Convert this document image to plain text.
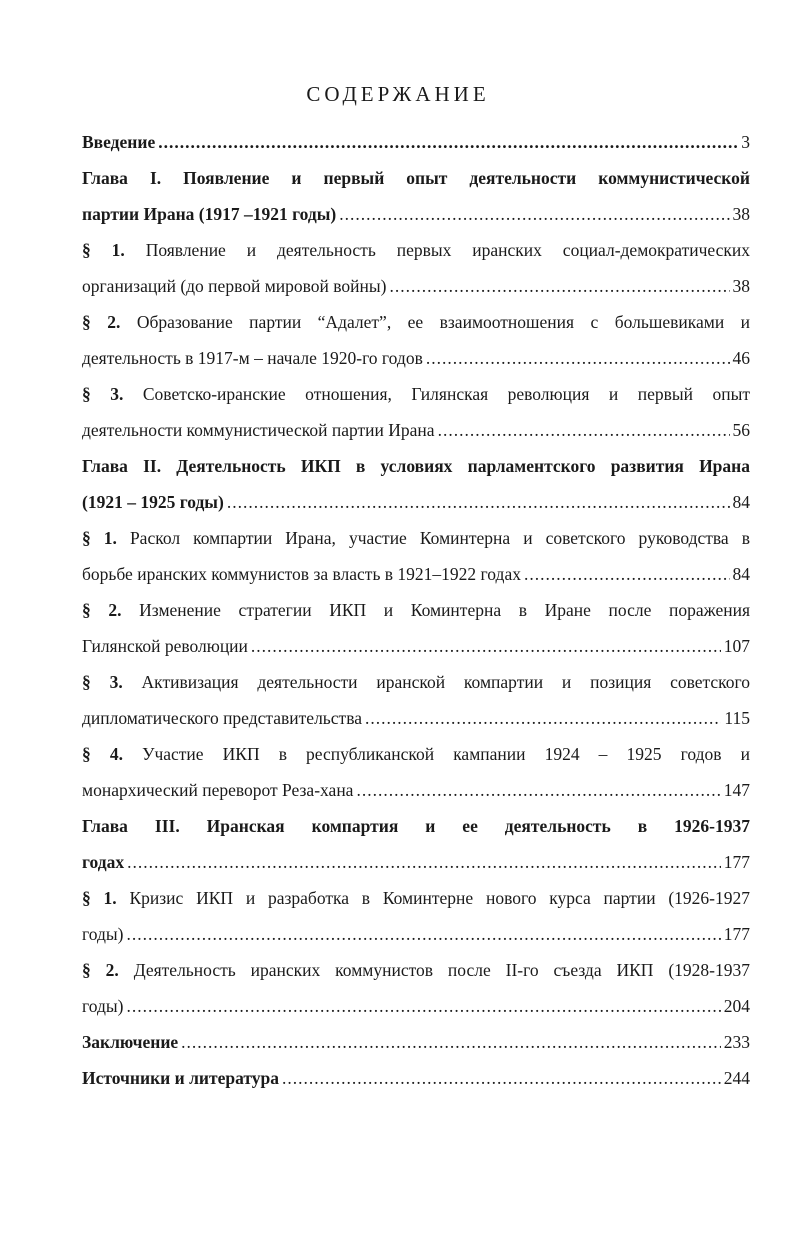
СОДЕРЖАНИЕ
Введение .....	3
Глава I. Появление и первый опыт деятельности коммунистической
партии Ирана (1917 –1921 годы) .....	38
§ 1. Появление и деятельность первых иранских социал-демократических
организаций (до первой мировой войны) .....	38
§ 2. Образование партии “Адалет”, ее взаимоотношения с большевиками и
деятельность в 1917-м – начале 1920-го годов .....	46
§ 3. Советско-иранские отношения, Гилянская революция и первый опыт
деятельности коммунистической партии Ирана .....	56
Глава II. Деятельность ИКП в условиях парламентского развития Ирана
(1921 – 1925 годы) .....	84
§ 1. Раскол компартии Ирана, участие Коминтерна и советского руководства в
борьбе иранских коммунистов за власть в 1921–1922 годах .....	84
§ 2. Изменение стратегии ИКП и Коминтерна в Иране после поражения
Гилянской революции .....	107
§ 3. Активизация деятельности иранской компартии и позиция советского
дипломатического представительства .....	115
§ 4. Участие ИКП в республиканской кампании 1924 – 1925 годов и
монархический переворот Реза-хана .....	147
Глава III. Иранская компартия и ее деятельность в 1926-1937
годах .....	177
§ 1. Кризис ИКП и разработка в Коминтерне нового курса партии (1926-1927
годы) .....	177
§ 2. Деятельность иранских коммунистов после II-го съезда ИКП (1928-1937
годы) .....	204
Заключение .....	233
Источники и литература .....	244
